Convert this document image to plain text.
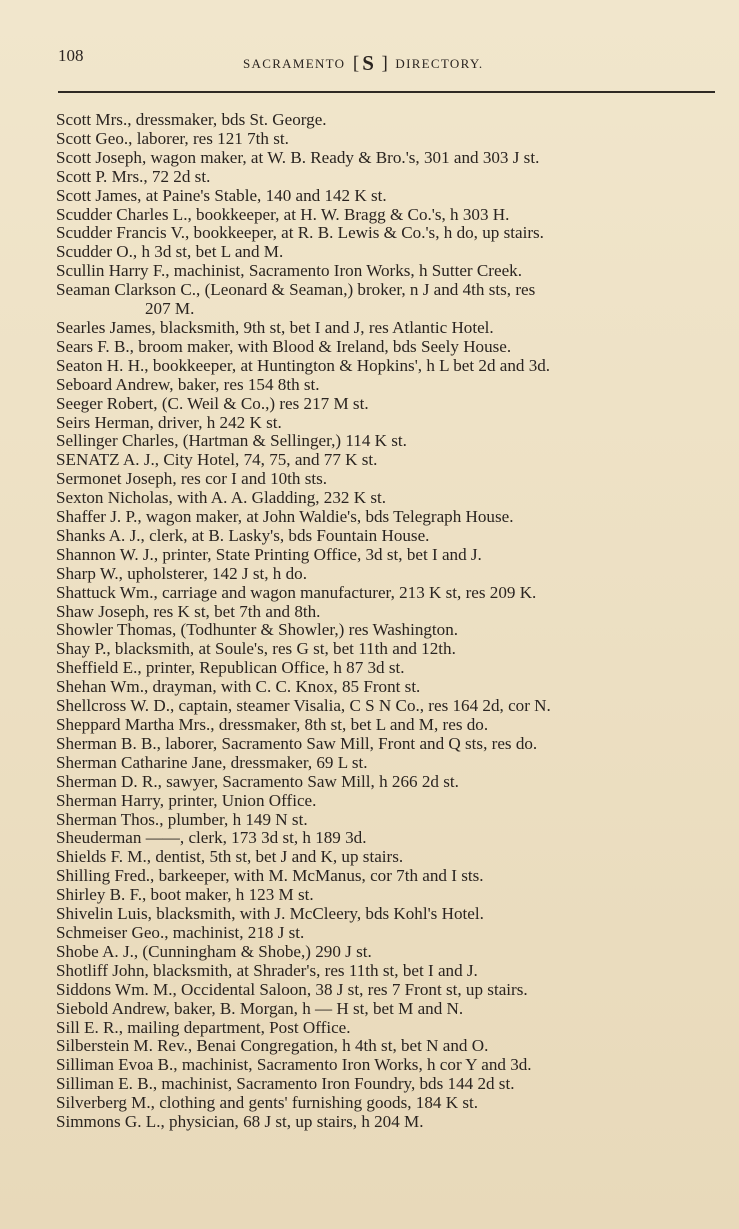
108	SACRAMENTO [ S ] DIRECTORY.
Scott Mrs., dressmaker, bds St. George.
Scott Geo., laborer, res 121 7th st.
Scott Joseph, wagon maker, at W. B. Ready & Bro.'s, 301 and 303 J st.
Scott P. Mrs., 72 2d st.
Scott James, at Paine's Stable, 140 and 142 K st.
Scudder Charles L., bookkeeper, at H. W. Bragg & Co.'s, h 303 H.
Scudder Francis V., bookkeeper, at R. B. Lewis & Co.'s, h do, up stairs.
Scudder O., h 3d st, bet L and M.
Scullin Harry F., machinist, Sacramento Iron Works, h Sutter Creek.
Seaman Clarkson C., (Leonard & Seaman,) broker, n J and 4th sts, res
207 M.
Searles James, blacksmith, 9th st, bet I and J, res Atlantic Hotel.
Sears F. B., broom maker, with Blood & Ireland, bds Seely House.
Seaton H. H., bookkeeper, at Huntington & Hopkins', h L bet 2d and 3d.
Seboard Andrew, baker, res 154 8th st.
Seeger Robert, (C. Weil & Co.,) res 217 M st.
Seirs Herman, driver, h 242 K st.
Sellinger Charles, (Hartman & Sellinger,) 114 K st.
SENATZ A. J., City Hotel, 74, 75, and 77 K st.
Sermonet Joseph, res cor I and 10th sts.
Sexton Nicholas, with A. A. Gladding, 232 K st.
Shaffer J. P., wagon maker, at John Waldie's, bds Telegraph House.
Shanks A. J., clerk, at B. Lasky's, bds Fountain House.
Shannon W. J., printer, State Printing Office, 3d st, bet I and J.
Sharp W., upholsterer, 142 J st, h do.
Shattuck Wm., carriage and wagon manufacturer, 213 K st, res 209 K.
Shaw Joseph, res K st, bet 7th and 8th.
Showler Thomas, (Todhunter & Showler,) res Washington.
Shay P., blacksmith, at Soule's, res G st, bet 11th and 12th.
Sheffield E., printer, Republican Office, h 87 3d st.
Shehan Wm., drayman, with C. C. Knox, 85 Front st.
Shellcross W. D., captain, steamer Visalia, C S N Co., res 164 2d, cor N.
Sheppard Martha Mrs., dressmaker, 8th st, bet L and M, res do.
Sherman B. B., laborer, Sacramento Saw Mill, Front and Q sts, res do.
Sherman Catharine Jane, dressmaker, 69 L st.
Sherman D. R., sawyer, Sacramento Saw Mill, h 266 2d st.
Sherman Harry, printer, Union Office.
Sherman Thos., plumber, h 149 N st.
Sheuderman ——, clerk, 173 3d st, h 189 3d.
Shields F. M., dentist, 5th st, bet J and K, up stairs.
Shilling Fred., barkeeper, with M. McManus, cor 7th and I sts.
Shirley B. F., boot maker, h 123 M st.
Shivelin Luis, blacksmith, with J. McCleery, bds Kohl's Hotel.
Schmeiser Geo., machinist, 218 J st.
Shobe A. J., (Cunningham & Shobe,) 290 J st.
Shotliff John, blacksmith, at Shrader's, res 11th st, bet I and J.
Siddons Wm. M., Occidental Saloon, 38 J st, res 7 Front st, up stairs.
Siebold Andrew, baker, B. Morgan, h — H st, bet M and N.
Sill E. R., mailing department, Post Office.
Silberstein M. Rev., Benai Congregation, h 4th st, bet N and O.
Silliman Evoa B., machinist, Sacramento Iron Works, h cor Y and 3d.
Silliman E. B., machinist, Sacramento Iron Foundry, bds 144 2d st.
Silverberg M., clothing and gents' furnishing goods, 184 K st.
Simmons G. L., physician, 68 J st, up stairs, h 204 M.
